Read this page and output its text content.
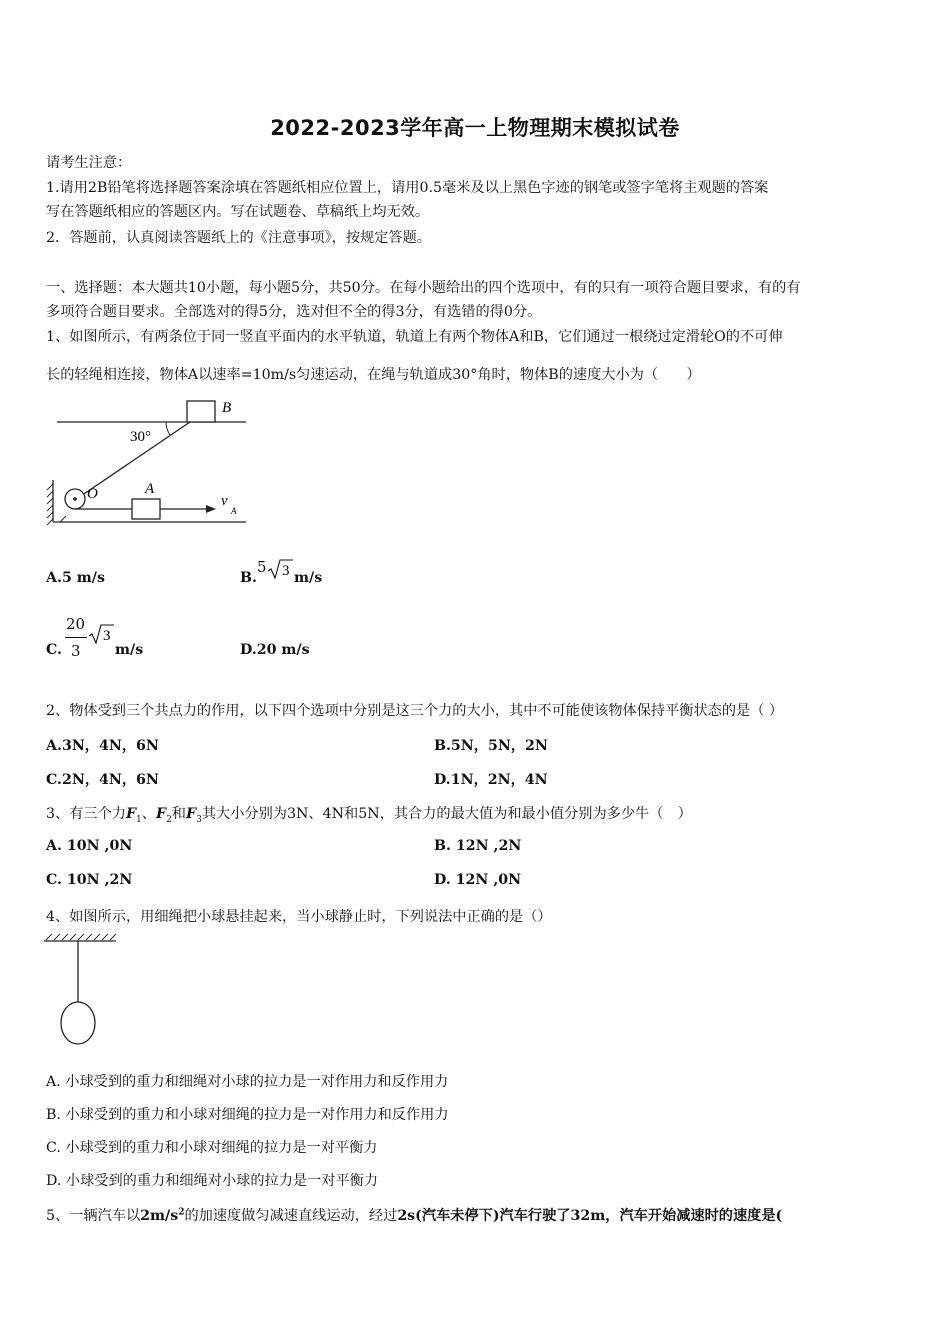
2022-2023学年高一上物理期末模拟试卷
请考生注意：
1.请用2B铅笔将选择题答案涂填在答题纸相应位置上，请用0.5毫米及以上黑色字迹的钢笔或签字笔将主观题的答案
写在答题纸相应的答题区内。写在试题卷、草稿纸上均无效。
2．答题前，认真阅读答题纸上的《注意事项》，按规定答题。
一、选择题：本大题共10小题，每小题5分，共50分。在每小题给出的四个选项中，有的只有一项符合题目要求，有的有
多项符合题目要求。全部选对的得5分，选对但不全的得3分，有选错的得0分。
1、如图所示，有两条位于同一竖直平面内的水平轨道，轨道上有两个物体A和B，它们通过一根绕过定滑轮O的不可伸
长的轻绳相连接，物体A以速率=10m/s匀速运动，在绳与轨道成30°角时，物体B的速度大小为（　　）
B
30°
O	A
v
A
A.5 m/s	B.
5 3 m/s
C.
20
3
3
m/s	D.20 m/s
2、物体受到三个共点力的作用，以下四个选项中分别是这三个力的大小，其中不可能使该物体保持平衡状态的是（ ）
A.3N，4N，6N	B.5N，5N，2N
C.2N，4N，6N	D.1N，2N，4N
3、有三个力$F_1$、$F_2$和$F_3$其大小分别为3N、4N和5N，其合力的最大值为和最小值分别为多少牛（　）
A. 10N ,0N	B. 12N ,2N
C. 10N ,2N	D. 12N ,0N
4、如图所示，用细绳把小球悬挂起来，当小球静止时，下列说法中正确的是（）
A. 小球受到的重力和细绳对小球的拉力是一对作用力和反作用力
B. 小球受到的重力和小球对细绳的拉力是一对作用力和反作用力
C. 小球受到的重力和小球对细绳的拉力是一对平衡力
D. 小球受到的重力和细绳对小球的拉力是一对平衡力
5、一辆汽车以$2m/s^2$的加速度做匀减速直线运动，经过2s(汽车未停下)汽车行驶了32m，汽车开始减速时的速度是(
